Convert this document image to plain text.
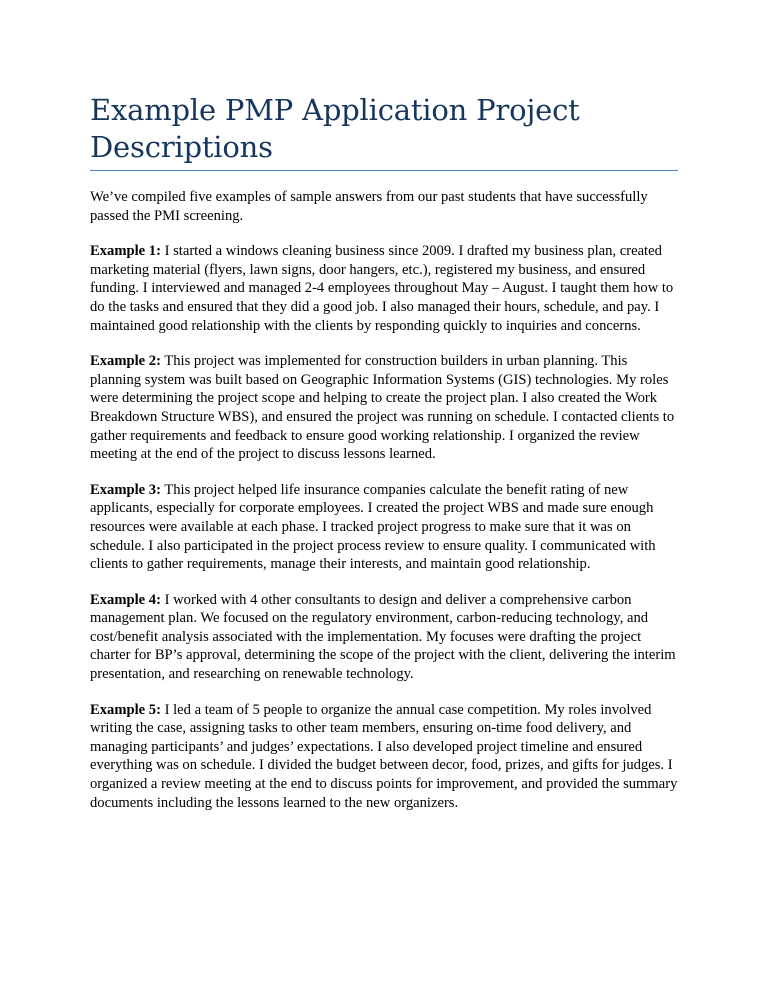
Example PMP Application Project Descriptions

We’ve compiled five examples of sample answers from our past students that have successfully passed the PMI screening.

Example 1: I started a windows cleaning business since 2009. I drafted my business plan, created marketing material (flyers, lawn signs, door hangers, etc.), registered my business, and ensured funding. I interviewed and managed 2-4 employees throughout May – August. I taught them how to do the tasks and ensured that they did a good job. I also managed their hours, schedule, and pay. I maintained good relationship with the clients by responding quickly to inquiries and concerns.

Example 2: This project was implemented for construction builders in urban planning. This planning system was built based on Geographic Information Systems (GIS) technologies. My roles were determining the project scope and helping to create the project plan. I also created the Work Breakdown Structure WBS), and ensured the project was running on schedule. I contacted clients to gather requirements and feedback to ensure good working relationship. I organized the review meeting at the end of the project to discuss lessons learned.

Example 3: This project helped life insurance companies calculate the benefit rating of new applicants, especially for corporate employees. I created the project WBS and made sure enough resources were available at each phase. I tracked project progress to make sure that it was on schedule. I also participated in the project process review to ensure quality. I communicated with clients to gather requirements, manage their interests, and maintain good relationship.

Example 4: I worked with 4 other consultants to design and deliver a comprehensive carbon management plan. We focused on the regulatory environment, carbon-reducing technology, and cost/benefit analysis associated with the implementation. My focuses were drafting the project charter for BP’s approval, determining the scope of the project with the client, delivering the interim presentation, and researching on renewable technology.

Example 5: I led a team of 5 people to organize the annual case competition. My roles involved writing the case, assigning tasks to other team members, ensuring on-time food delivery, and managing participants’ and judges’ expectations. I also developed project timeline and ensured everything was on schedule. I divided the budget between decor, food, prizes, and gifts for judges. I organized a review meeting at the end to discuss points for improvement, and provided the summary documents including the lessons learned to the new organizers.
